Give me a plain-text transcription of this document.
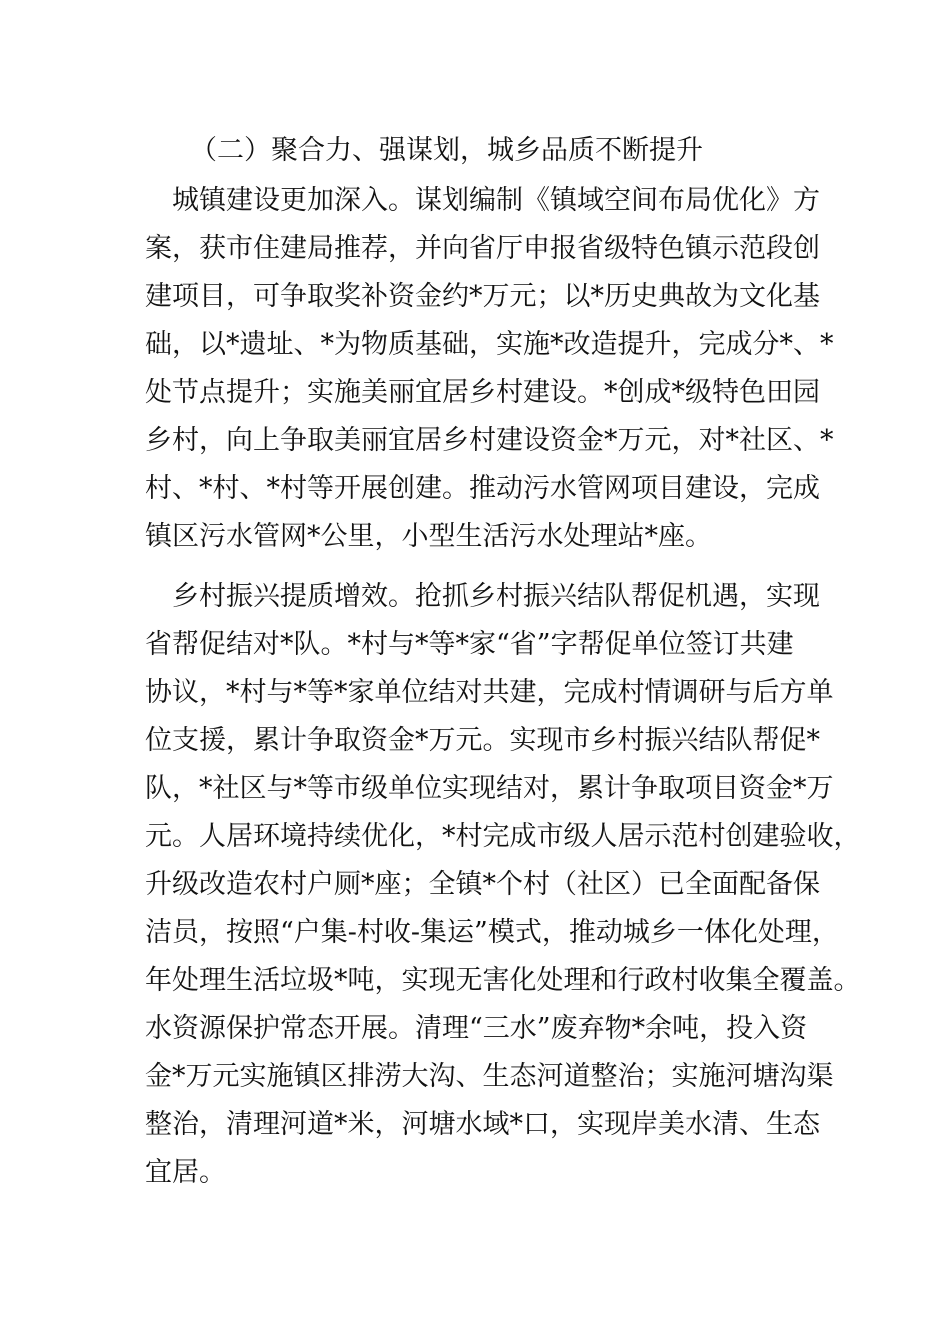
（二）聚合力、强谋划，城乡品质不断提升
　城镇建设更加深入。谋划编制《镇域空间布局优化》方
案，获市住建局推荐，并向省厅申报省级特色镇示范段创
建项目，可争取奖补资金约*万元；以*历史典故为文化基
础，以*遗址、*为物质基础，实施*改造提升，完成分*、*
处节点提升；实施美丽宜居乡村建设。*创成*级特色田园
乡村，向上争取美丽宜居乡村建设资金*万元，对*社区、*
村、*村、*村等开展创建。推动污水管网项目建设，完成
镇区污水管网*公里，小型生活污水处理站*座。
　乡村振兴提质增效。抢抓乡村振兴结队帮促机遇，实现
省帮促结对*队。*村与*等*家“省”字帮促单位签订共建
协议，*村与*等*家单位结对共建，完成村情调研与后方单
位支援，累计争取资金*万元。实现市乡村振兴结队帮促*
队，*社区与*等市级单位实现结对，累计争取项目资金*万
元。人居环境持续优化，*村完成市级人居示范村创建验收，
升级改造农村户厕*座；全镇*个村（社区）已全面配备保
洁员，按照“户集-村收-集运”模式，推动城乡一体化处理，
年处理生活垃圾*吨，实现无害化处理和行政村收集全覆盖。
水资源保护常态开展。清理“三水”废弃物*余吨，投入资
金*万元实施镇区排涝大沟、生态河道整治；实施河塘沟渠
整治，清理河道*米，河塘水域*口，实现岸美水清、生态
宜居。
